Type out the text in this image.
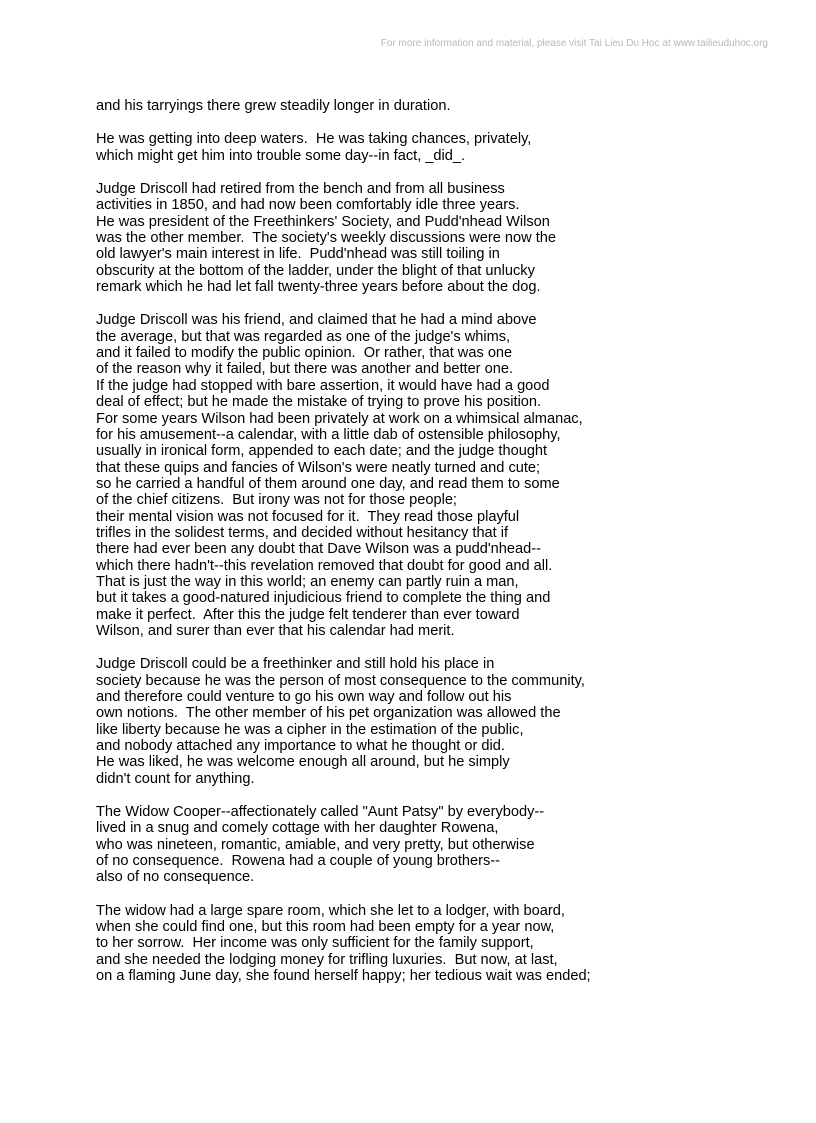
For more information and material, please visit Tai Lieu Du Hoc at www.tailieuduhoc.org
and his tarryings there grew steadily longer in duration.
He was getting into deep waters.  He was taking chances, privately,
which might get him into trouble some day--in fact, _did_.
Judge Driscoll had retired from the bench and from all business
activities in 1850, and had now been comfortably idle three years.
He was president of the Freethinkers' Society, and Pudd'nhead Wilson
was the other member.  The society's weekly discussions were now the
old lawyer's main interest in life.  Pudd'nhead was still toiling in
obscurity at the bottom of the ladder, under the blight of that unlucky
remark which he had let fall twenty-three years before about the dog.
Judge Driscoll was his friend, and claimed that he had a mind above
the average, but that was regarded as one of the judge's whims,
and it failed to modify the public opinion.  Or rather, that was one
of the reason why it failed, but there was another and better one.
If the judge had stopped with bare assertion, it would have had a good
deal of effect; but he made the mistake of trying to prove his position.
For some years Wilson had been privately at work on a whimsical almanac,
for his amusement--a calendar, with a little dab of ostensible philosophy,
usually in ironical form, appended to each date; and the judge thought
that these quips and fancies of Wilson's were neatly turned and cute;
so he carried a handful of them around one day, and read them to some
of the chief citizens.  But irony was not for those people;
their mental vision was not focused for it.  They read those playful
trifles in the solidest terms, and decided without hesitancy that if
there had ever been any doubt that Dave Wilson was a pudd'nhead--
which there hadn't--this revelation removed that doubt for good and all.
That is just the way in this world; an enemy can partly ruin a man,
but it takes a good-natured injudicious friend to complete the thing and
make it perfect.  After this the judge felt tenderer than ever toward
Wilson, and surer than ever that his calendar had merit.
Judge Driscoll could be a freethinker and still hold his place in
society because he was the person of most consequence to the community,
and therefore could venture to go his own way and follow out his
own notions.  The other member of his pet organization was allowed the
like liberty because he was a cipher in the estimation of the public,
and nobody attached any importance to what he thought or did.
He was liked, he was welcome enough all around, but he simply
didn't count for anything.
The Widow Cooper--affectionately called "Aunt Patsy" by everybody--
lived in a snug and comely cottage with her daughter Rowena,
who was nineteen, romantic, amiable, and very pretty, but otherwise
of no consequence.  Rowena had a couple of young brothers--
also of no consequence.
The widow had a large spare room, which she let to a lodger, with board,
when she could find one, but this room had been empty for a year now,
to her sorrow.  Her income was only sufficient for the family support,
and she needed the lodging money for trifling luxuries.  But now, at last,
on a flaming June day, she found herself happy; her tedious wait was ended;
